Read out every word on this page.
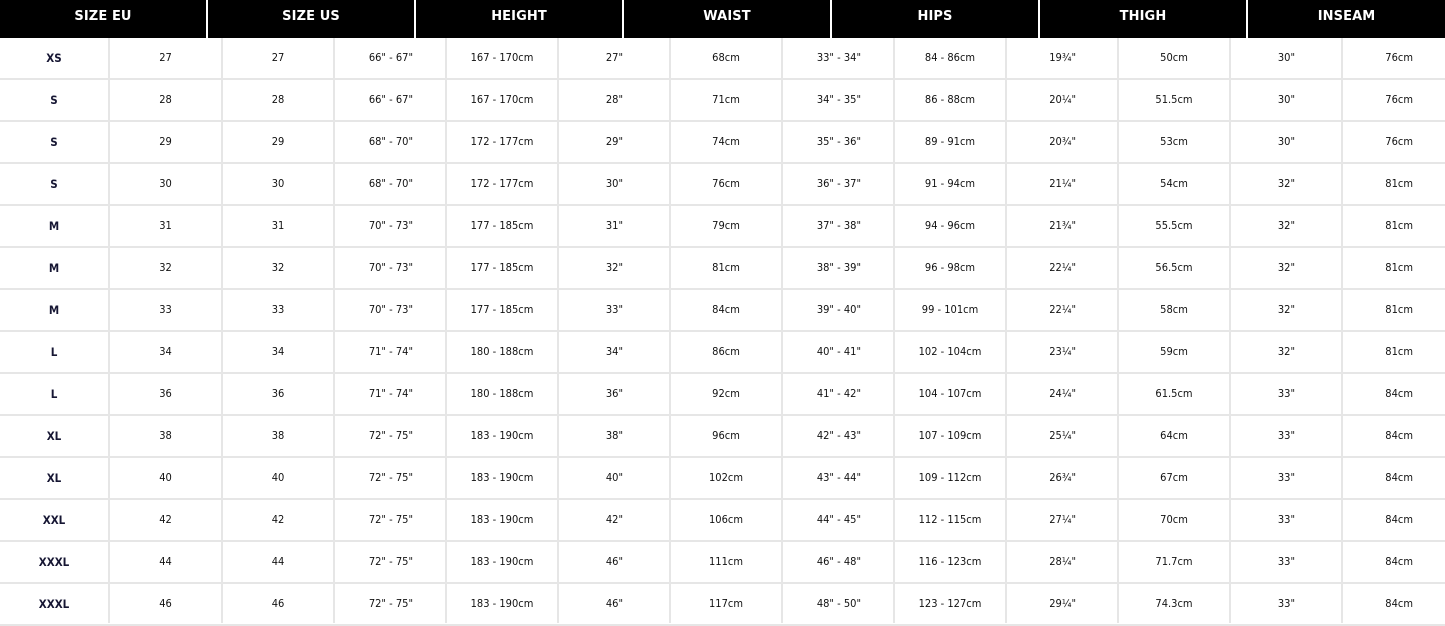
SIZE EU	SIZE US	HEIGHT	WAIST	HIPS	THIGH	INSEAM
XS	27	27	66" - 67"	167 - 170cm	27"	68cm	33" - 34"	84 - 86cm	19¾"	50cm	30"	76cm
S	28	28	66" - 67"	167 - 170cm	28"	71cm	34" - 35"	86 - 88cm	20¼"	51.5cm	30"	76cm
S	29	29	68" - 70"	172 - 177cm	29"	74cm	35" - 36"	89 - 91cm	20¾"	53cm	30"	76cm
S	30	30	68" - 70"	172 - 177cm	30"	76cm	36" - 37"	91 - 94cm	21¼"	54cm	32"	81cm
M	31	31	70" - 73"	177 - 185cm	31"	79cm	37" - 38"	94 - 96cm	21¾"	55.5cm	32"	81cm
M	32	32	70" - 73"	177 - 185cm	32"	81cm	38" - 39"	96 - 98cm	22¼"	56.5cm	32"	81cm
M	33	33	70" - 73"	177 - 185cm	33"	84cm	39" - 40"	99 - 101cm	22¼"	58cm	32"	81cm
L	34	34	71" - 74"	180 - 188cm	34"	86cm	40" - 41"	102 - 104cm	23¼"	59cm	32"	81cm
L	36	36	71" - 74"	180 - 188cm	36"	92cm	41" - 42"	104 - 107cm	24¼"	61.5cm	33"	84cm
XL	38	38	72" - 75"	183 - 190cm	38"	96cm	42" - 43"	107 - 109cm	25¼"	64cm	33"	84cm
XL	40	40	72" - 75"	183 - 190cm	40"	102cm	43" - 44"	109 - 112cm	26¾"	67cm	33"	84cm
XXL	42	42	72" - 75"	183 - 190cm	42"	106cm	44" - 45"	112 - 115cm	27¼"	70cm	33"	84cm
XXXL	44	44	72" - 75"	183 - 190cm	46"	111cm	46" - 48"	116 - 123cm	28¼"	71.7cm	33"	84cm
XXXL	46	46	72" - 75"	183 - 190cm	46"	117cm	48" - 50"	123 - 127cm	29¼"	74.3cm	33"	84cm
